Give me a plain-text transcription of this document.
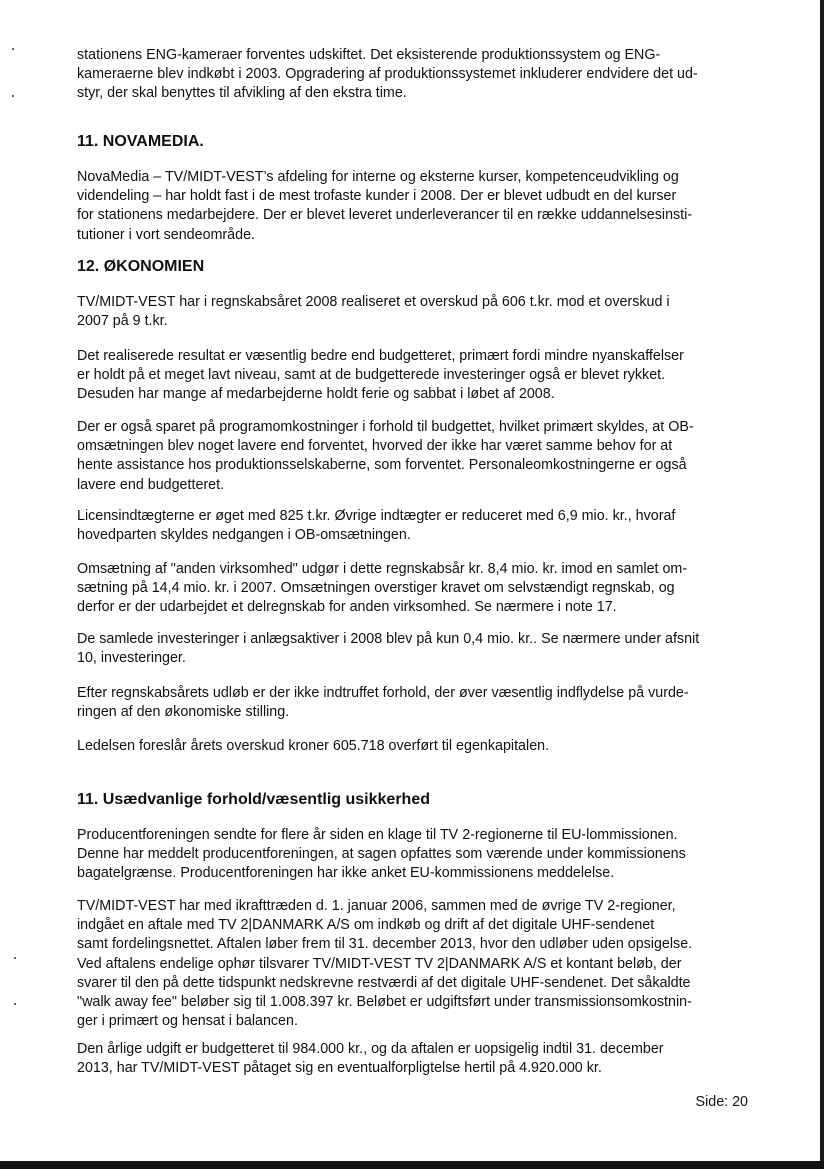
stationens ENG-kameraer forventes udskiftet. Det eksisterende produktionssystem og ENG-
kameraerne blev indkøbt i 2003. Opgradering af produktionssystemet inkluderer endvidere det ud-
styr, der skal benyttes til afvikling af den ekstra time.

11. NOVAMEDIA.

NovaMedia – TV/MIDT-VEST’s afdeling for interne og eksterne kurser, kompetenceudvikling og
videndeling – har holdt fast i de mest trofaste kunder i 2008. Der er blevet udbudt en del kurser
for stationens medarbejdere. Der er blevet leveret underleverancer til en række uddannelsesinsti-
tutioner i vort sendeområde.

12. ØKONOMIEN

TV/MIDT-VEST har i regnskabsåret 2008 realiseret et overskud på 606 t.kr. mod et overskud i
2007 på 9 t.kr.

Det realiserede resultat er væsentlig bedre end budgetteret, primært fordi mindre nyanskaffelser
er holdt på et meget lavt niveau, samt at de budgetterede investeringer også er blevet rykket.
Desuden har mange af medarbejderne holdt ferie og sabbat i løbet af 2008.

Der er også sparet på programomkostninger i forhold til budgettet, hvilket primært skyldes, at OB-
omsætningen blev noget lavere end forventet, hvorved der ikke har været samme behov for at
hente assistance hos produktionsselskaberne, som forventet. Personaleomkostningerne er også
lavere end budgetteret.

Licensindtægterne er øget med 825 t.kr. Øvrige indtægter er reduceret med 6,9 mio. kr., hvoraf
hovedparten skyldes nedgangen i OB-omsætningen.

Omsætning af "anden virksomhed" udgør i dette regnskabsår kr. 8,4 mio. kr. imod en samlet om-
sætning på 14,4 mio. kr. i 2007. Omsætningen overstiger kravet om selvstændigt regnskab, og
derfor er der udarbejdet et delregnskab for anden virksomhed. Se nærmere i note 17.

De samlede investeringer i anlægsaktiver i 2008 blev på kun 0,4 mio. kr.. Se nærmere under afsnit
10, investeringer.

Efter regnskabsårets udløb er der ikke indtruffet forhold, der øver væsentlig indflydelse på vurde-
ringen af den økonomiske stilling.

Ledelsen foreslår årets overskud kroner 605.718 overført til egenkapitalen.

11. Usædvanlige forhold/væsentlig usikkerhed

Producentforeningen sendte for flere år siden en klage til TV 2-regionerne til EU-lommissionen.
Denne har meddelt producentforeningen, at sagen opfattes som værende under kommissionens
bagatelgrænse. Producentforeningen har ikke anket EU-kommissionens meddelelse.

TV/MIDT-VEST har med ikrafttræden d. 1. januar 2006, sammen med de øvrige TV 2-regioner,
indgået en aftale med TV 2|DANMARK A/S om indkøb og drift af det digitale UHF-sendenet
samt fordelingsnettet. Aftalen løber frem til 31. december 2013, hvor den udløber uden opsigelse.
Ved aftalens endelige ophør tilsvarer TV/MIDT-VEST TV 2|DANMARK A/S et kontant beløb, der
svarer til den på dette tidspunkt nedskrevne restværdi af det digitale UHF-sendenet. Det såkaldte
"walk away fee" beløber sig til 1.008.397 kr. Beløbet er udgiftsført under transmissionsomkostnin-
ger i primært og hensat i balancen.

Den årlige udgift er budgetteret til 984.000 kr., og da aftalen er uopsigelig indtil 31. december
2013, har TV/MIDT-VEST påtaget sig en eventualforpligtelse hertil på 4.920.000 kr.

Side: 20
